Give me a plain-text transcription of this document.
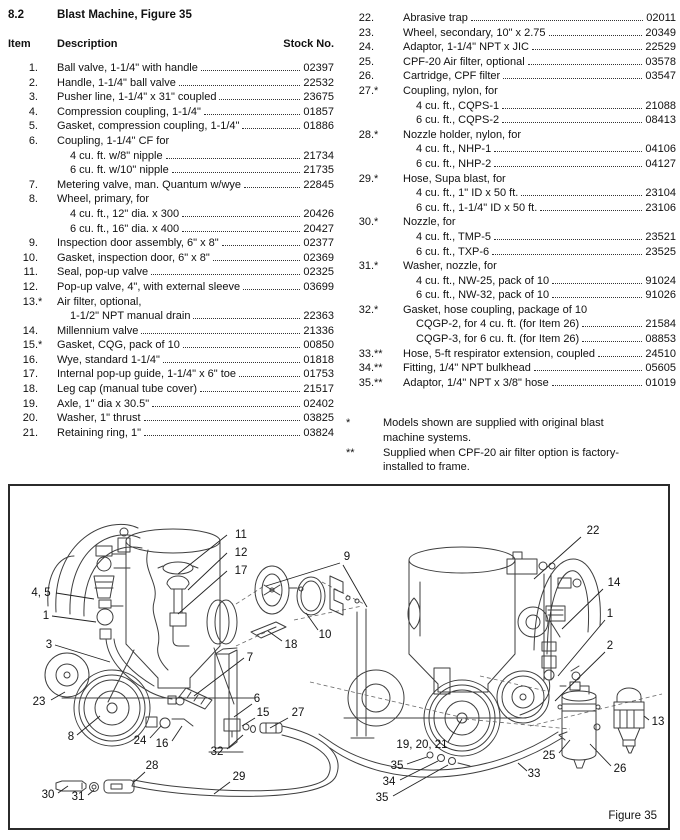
8.2	Blast Machine, Figure 35
Item	Description	Stock No.
1.	Ball valve, 1-1/4" with handle	02397
2.	Handle, 1-1/4" ball valve	22532
3.	Pusher line, 1-1/4" x 31" coupled	23675
4.	Compression coupling, 1-1/4"	01857
5.	Gasket, compression coupling, 1-1/4"	01886
6.	Coupling, 1-1/4" CF for
4 cu. ft. w/8" nipple	21734
6 cu. ft. w/10" nipple	21735
7.	Metering valve, man. Quantum w/wye	22845
8.	Wheel, primary, for
4 cu. ft., 12" dia. x 300	20426
6 cu. ft., 16" dia. x 400	20427
9.	Inspection door assembly, 6" x 8"	02377
10.	Gasket, inspection door, 6" x 8"	02369
11.	Seal, pop-up valve	02325
12.	Pop-up valve, 4", with external sleeve	03699
13. *	Air filter, optional,
1-1/2" NPT manual drain	22363
14.	Millennium valve	21336
15. *	Gasket, CQG, pack of 10	00850
16.	Wye, standard 1-1/4"	01818
17.	Internal pop-up guide, 1-1/4" x 6" toe	01753
18.	Leg cap (manual tube cover)	21517
19.	Axle, 1" dia x 30.5"	02402
20.	Washer, 1" thrust	03825
21.	Retaining ring, 1"	03824
22.	Abrasive trap	02011
23.	Wheel, secondary, 10" x 2.75	20349
24.	Adaptor, 1-1/4" NPT x JIC	22529
25.	CPF-20 Air filter, optional	03578
26.	Cartridge, CPF filter	03547
27. *	Coupling, nylon, for
4 cu. ft., CQPS-1	21088
6 cu. ft., CQPS-2	08413
28. *	Nozzle holder, nylon, for
4 cu. ft., NHP-1	04106
6 cu. ft., NHP-2	04127
29. *	Hose, Supa blast, for
4 cu. ft., 1" ID x 50 ft.	23104
6 cu. ft., 1-1/4" ID x 50 ft.	23106
30. *	Nozzle, for
4 cu. ft., TMP-5	23521
6 cu. ft., TXP-6	23525
31. *	Washer, nozzle, for
4 cu. ft., NW-25, pack of 10	91024
6 cu. ft., NW-32, pack of 10	91026
32. *	Gasket, hose coupling, package of 10
CQGP-2, for 4 cu. ft. (for Item 26)	21584
CQGP-3, for 6 cu. ft. (for Item 26)	08853
33. **	Hose, 5-ft respirator extension, coupled	24510
34. **	Fitting, 1/4" NPT bulkhead	05605
35. **	Adaptor, 1/4" NPT x 3/8" hose	01019
*	Models shown are supplied with original blast machine systems.
**	Supplied when CPF-20 air filter option is factory-installed to frame.
11
12
17
9
4, 5
1
3
10
18
7
23
8	24 16
6
15 27
32
28
29
30 31
22
14
1
2
13
19, 20, 21
25
26
33
35
34
35
Figure 35
